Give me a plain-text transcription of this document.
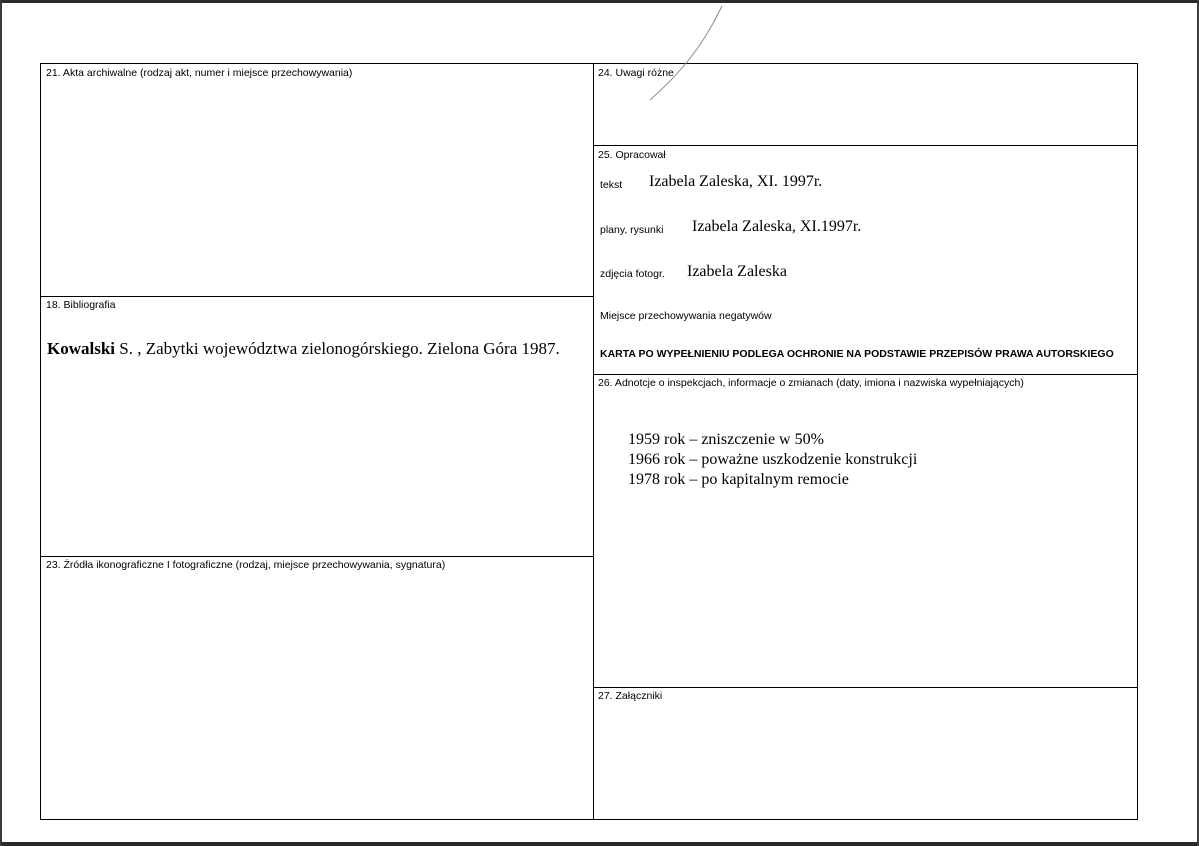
21. Akta archiwalne (rodzaj akt, numer i miejsce przechowywania)
18. Bibliografia
Kowalski S. , Zabytki województwa zielonogórskiego. Zielona Góra 1987.
23. Źródła ikonograficzne I fotograficzne (rodzaj, miejsce przechowywania, sygnatura)
24. Uwagi różne
25. Opracował
tekst Izabela Zaleska, XI. 1997r.
plany, rysunki Izabela Zaleska, XI.1997r.
zdjęcia fotogr. Izabela Zaleska
Miejsce przechowywania negatywów
KARTA PO WYPEŁNIENIU PODLEGA OCHRONIE NA PODSTAWIE PRZEPISÓW PRAWA AUTORSKIEGO
26. Adnotcje o inspekcjach, informacje o zmianach (daty, imiona i nazwiska wypełniających)
1959 rok – zniszczenie w 50%
1966 rok – poważne uszkodzenie konstrukcji
1978 rok – po kapitalnym remocie
27. Załączniki
